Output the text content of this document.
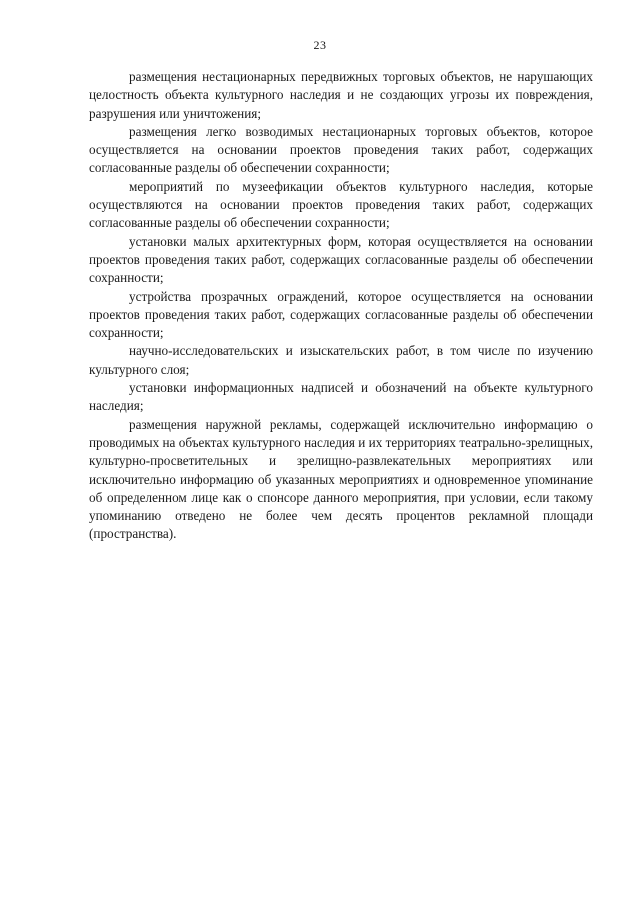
23

размещения нестационарных передвижных торговых объектов, не нарушающих целостность объекта культурного наследия и не создающих угрозы их повреждения, разрушения или уничтожения;

размещения легко возводимых нестационарных торговых объектов, которое осуществляется на основании проектов проведения таких работ, содержащих согласованные разделы об обеспечении сохранности;

мероприятий по музеефикации объектов культурного наследия, которые осуществляются на основании проектов проведения таких работ, содержащих согласованные разделы об обеспечении сохранности;

установки малых архитектурных форм, которая осуществляется на основании проектов проведения таких работ, содержащих согласованные разделы об обеспечении сохранности;

устройства прозрачных ограждений, которое осуществляется на основании проектов проведения таких работ, содержащих согласованные разделы об обеспечении сохранности;

научно-исследовательских и изыскательских работ, в том числе по изучению культурного слоя;

установки информационных надписей и обозначений на объекте культурного наследия;

размещения наружной рекламы, содержащей исключительно информацию о проводимых на объектах культурного наследия и их территориях театрально-зрелищных, культурно-просветительных и зрелищно-развлекательных мероприятиях или исключительно информацию об указанных мероприятиях и одновременное упоминание об определенном лице как о спонсоре данного мероприятия, при условии, если такому упоминанию отведено не более чем десять процентов рекламной площади (пространства).
